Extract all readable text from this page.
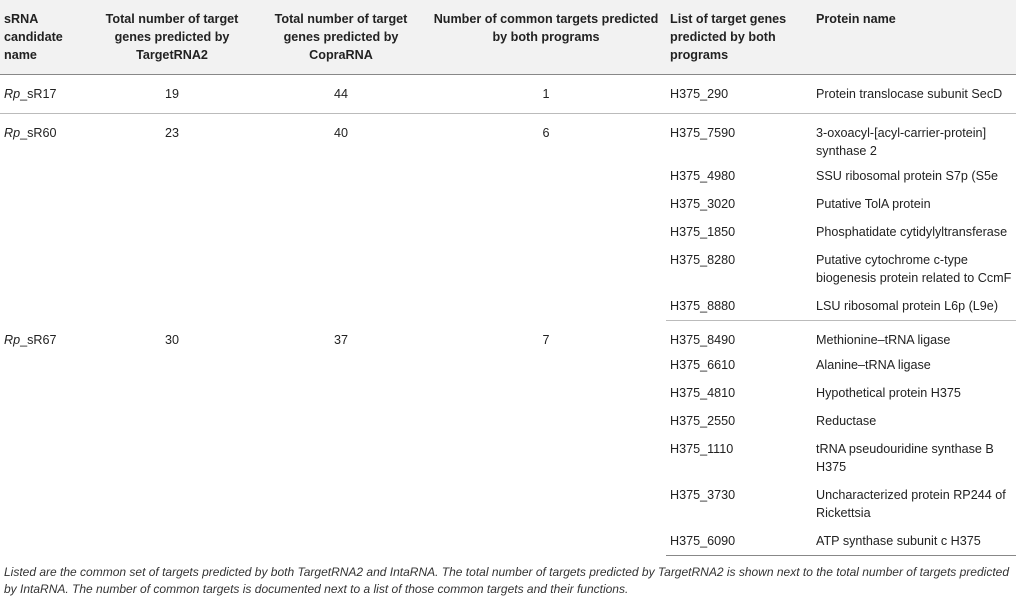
sRNA candidate name	Total number of target genes predicted by TargetRNA2	Total number of target genes predicted by CopraRNA	Number of common targets predicted by both programs	List of target genes predicted by both programs	Protein name
Rp_sR17	19	44	1	H375_290	Protein translocase subunit SecD
Rp_sR60	23	40	6	H375_7590	3-oxoacyl-[acyl-carrier-protein] synthase 2
				H375_4980	SSU ribosomal protein S7p (S5e
				H375_3020	Putative TolA protein
				H375_1850	Phosphatidate cytidylyltransferase
				H375_8280	Putative cytochrome c-type biogenesis protein related to CcmF
				H375_8880	LSU ribosomal protein L6p (L9e)
Rp_sR67	30	37	7	H375_8490	Methionine–tRNA ligase
				H375_6610	Alanine–tRNA ligase
				H375_4810	Hypothetical protein H375
				H375_2550	Reductase
				H375_1110	tRNA pseudouridine synthase B H375
				H375_3730	Uncharacterized protein RP244 of Rickettsia
				H375_6090	ATP synthase subunit c H375
Listed are the common set of targets predicted by both TargetRNA2 and IntaRNA. The total number of targets predicted by TargetRNA2 is shown next to the total number of targets predicted by IntaRNA. The number of common targets is documented next to a list of those common targets and their functions.
